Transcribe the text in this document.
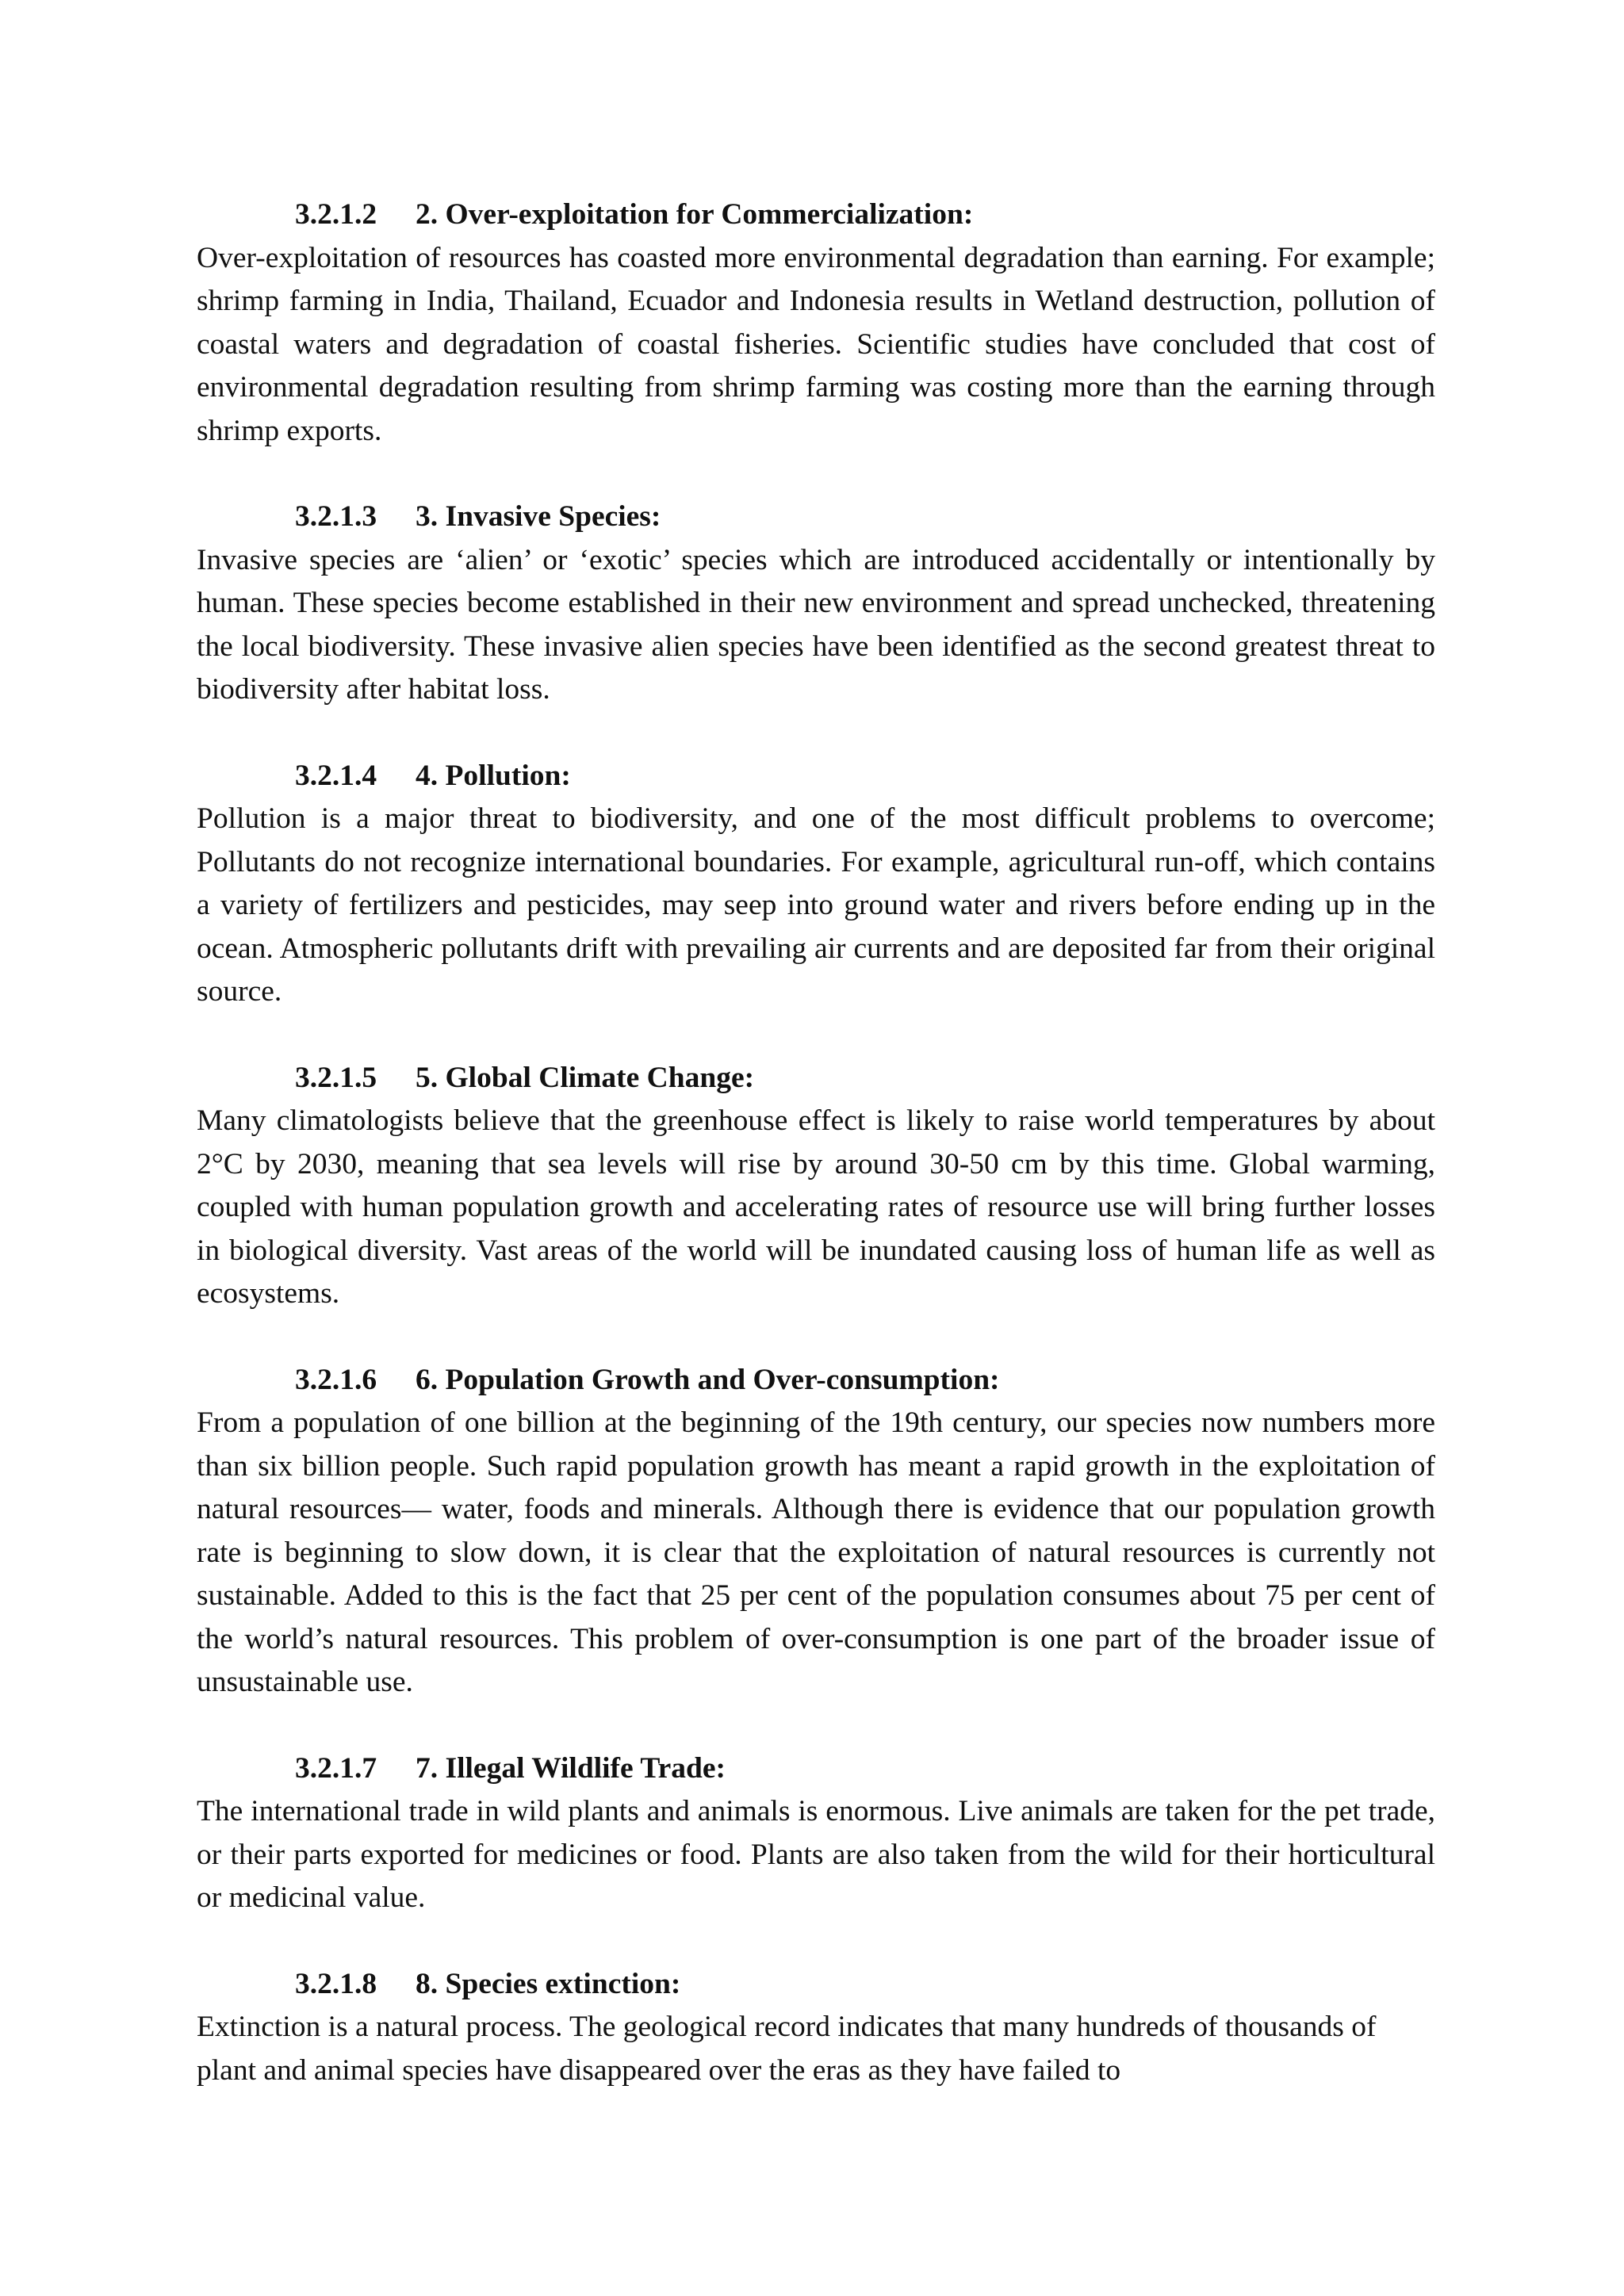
3.2.1.2 2. Over-exploitation for Commercialization:

Over-exploitation of resources has coasted more environmental degradation than earning. For example; shrimp farming in India, Thailand, Ecuador and Indonesia results in Wetland destruction, pollution of coastal waters and degradation of coastal fisheries. Scientific studies have concluded that cost of environmental degradation resulting from shrimp farming was costing more than the earning through shrimp exports.

3.2.1.3 3. Invasive Species:

Invasive species are ‘alien’ or ‘exotic’ species which are introduced accidentally or intentionally by human. These species become established in their new environment and spread unchecked, threatening the local biodiversity. These invasive alien species have been identified as the second greatest threat to biodiversity after habitat loss.

3.2.1.4 4. Pollution:

Pollution is a major threat to biodiversity, and one of the most difficult problems to overcome; Pollutants do not recognize international boundaries. For example, agricultural run-off, which contains a variety of fertilizers and pesticides, may seep into ground water and rivers before ending up in the ocean. Atmospheric pollutants drift with prevailing air currents and are deposited far from their original source.

3.2.1.5 5. Global Climate Change:

Many climatologists believe that the greenhouse effect is likely to raise world temperatures by about 2°C by 2030, meaning that sea levels will rise by around 30-50 cm by this time. Global warming, coupled with human population growth and accelerating rates of resource use will bring further losses in biological diversity. Vast areas of the world will be inundated causing loss of human life as well as ecosystems.

3.2.1.6 6. Population Growth and Over-consumption:

From a population of one billion at the beginning of the 19th century, our species now numbers more than six billion people. Such rapid population growth has meant a rapid growth in the exploitation of natural resources— water, foods and minerals. Although there is evidence that our population growth rate is beginning to slow down, it is clear that the exploitation of natural resources is currently not sustainable. Added to this is the fact that 25 per cent of the population consumes about 75 per cent of the world’s natural resources. This problem of over-consumption is one part of the broader issue of unsustainable use.

3.2.1.7 7. Illegal Wildlife Trade:

The international trade in wild plants and animals is enormous. Live animals are taken for the pet trade, or their parts exported for medicines or food. Plants are also taken from the wild for their horticultural or medicinal value.

3.2.1.8 8. Species extinction:

Extinction is a natural process. The geological record indicates that many hundreds of thousands of plant and animal species have disappeared over the eras as they have failed to
